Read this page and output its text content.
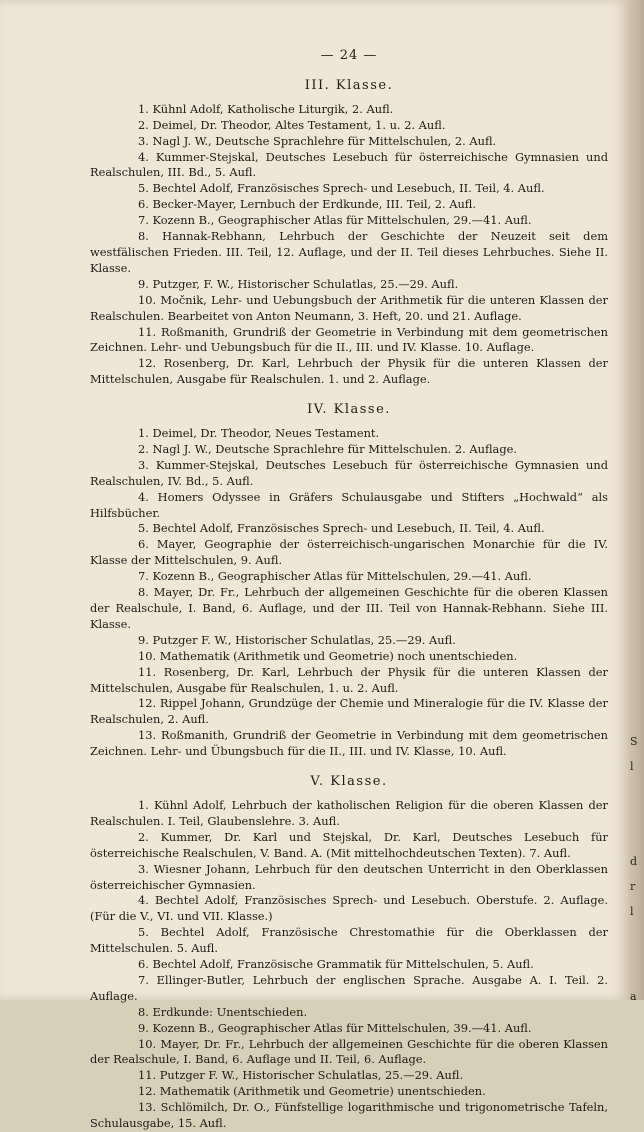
— 24 —
III. Klasse.

1. Kühnl Adolf, Katholische Liturgik, 2. Aufl.

2. Deimel, Dr. Theodor, Altes Testament, 1. u. 2. Aufl.

3. Nagl J. W., Deutsche Sprachlehre für Mittelschulen, 2. Aufl.

4. Kummer-Stejskal, Deutsches Lesebuch für österreichische Gymnasien und Realschulen, III. Bd., 5. Aufl.

5. Bechtel Adolf, Französisches Sprech- und Lesebuch, II. Teil, 4. Aufl.

6. Becker-Mayer, Lernbuch der Erdkunde, III. Teil, 2. Aufl.

7. Kozenn B., Geographischer Atlas für Mittelschulen, 29.—41. Aufl.

8. Hannak-Rebhann, Lehrbuch der Geschichte der Neuzeit seit dem westfälischen Frieden. III. Teil, 12. Auflage, und der II. Teil dieses Lehrbuches. Siehe II. Klasse.

9. Putzger, F. W., Historischer Schulatlas, 25.—29. Aufl.

10. Močnik, Lehr- und Uebungsbuch der Arithmetik für die unteren Klassen der Realschulen. Bearbeitet von Anton Neumann, 3. Heft, 20. und 21. Auflage.

11. Roßmanith, Grundriß der Geometrie in Verbindung mit dem geometrischen Zeichnen. Lehr- und Uebungsbuch für die II., III. und IV. Klasse. 10. Auflage.

12. Rosenberg, Dr. Karl, Lehrbuch der Physik für die unteren Klassen der Mittelschulen, Ausgabe für Realschulen. 1. und 2. Auflage.

IV. Klasse.

1. Deimel, Dr. Theodor, Neues Testament.

2. Nagl J. W., Deutsche Sprachlehre für Mittelschulen. 2. Auflage.

3. Kummer-Stejskal, Deutsches Lesebuch für österreichische Gymnasien und Realschulen, IV. Bd., 5. Aufl.

4. Homers Odyssee in Gräfers Schulausgabe und Stifters „Hochwald“ als Hilfsbücher.

5. Bechtel Adolf, Französisches Sprech- und Lesebuch, II. Teil, 4. Aufl.

6. Mayer, Geographie der österreichisch-ungarischen Monarchie für die IV. Klasse der Mittelschulen, 9. Aufl.

7. Kozenn B., Geographischer Atlas für Mittelschulen, 29.—41. Aufl.

8. Mayer, Dr. Fr., Lehrbuch der allgemeinen Geschichte für die oberen Klassen der Realschule, I. Band, 6. Auflage, und der III. Teil von Hannak-Rebhann. Siehe III. Klasse.

9. Putzger F. W., Historischer Schulatlas, 25.—29. Aufl.

10. Mathematik (Arithmetik und Geometrie) noch unentschieden.

11. Rosenberg, Dr. Karl, Lehrbuch der Physik für die unteren Klassen der Mittelschulen, Ausgabe für Realschulen, 1. u. 2. Aufl.

12. Rippel Johann, Grundzüge der Chemie und Mineralogie für die IV. Klasse der Realschulen, 2. Aufl.

13. Roßmanith, Grundriß der Geometrie in Verbindung mit dem geometrischen Zeichnen. Lehr- und Übungsbuch für die II., III. und IV. Klasse, 10. Aufl.

V. Klasse.

1. Kühnl Adolf, Lehrbuch der katholischen Religion für die oberen Klassen der Realschulen. I. Teil, Glaubenslehre. 3. Aufl.

2. Kummer, Dr. Karl und Stejskal, Dr. Karl, Deutsches Lesebuch für österreichische Realschulen, V. Band. A. (Mit mittelhochdeutschen Texten). 7. Aufl.

3. Wiesner Johann, Lehrbuch für den deutschen Unterricht in den Oberklassen österreichischer Gymnasien.

4. Bechtel Adolf, Französisches Sprech- und Lesebuch. Oberstufe. 2. Auflage. (Für die V., VI. und VII. Klasse.)

5. Bechtel Adolf, Französische Chrestomathie für die Oberklassen der Mittelschulen. 5. Aufl.

6. Bechtel Adolf, Französische Grammatik für Mittelschulen, 5. Aufl.

7. Ellinger-Butler, Lehrbuch der englischen Sprache. Ausgabe A. I. Teil. 2. Auflage.

8. Erdkunde: Unentschieden.

9. Kozenn B., Geographischer Atlas für Mittelschulen, 39.—41. Aufl.

10. Mayer, Dr. Fr., Lehrbuch der allgemeinen Geschichte für die oberen Klassen der Realschule, I. Band, 6. Auflage und II. Teil, 6. Auflage.

11. Putzger F. W., Historischer Schulatlas, 25.—29. Aufl.

12. Mathematik (Arithmetik und Geometrie) unentschieden.

13. Schlömilch, Dr. O., Fünfstellige logarithmische und trigonometrische Tafeln, Schulausgabe, 15. Aufl.

S
l
d
r
l
a
